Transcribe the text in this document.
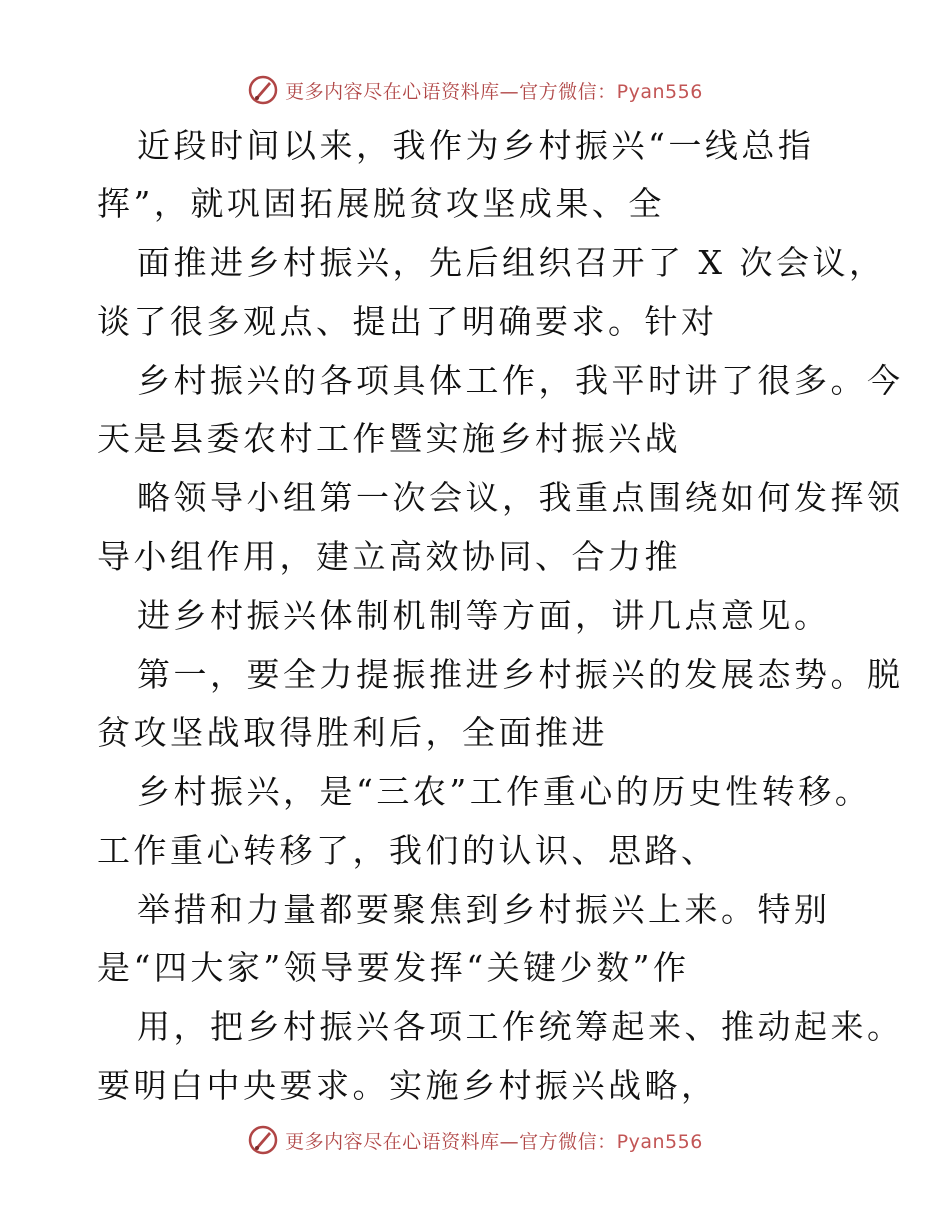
更多内容尽在心语资料库—官方微信：Pyan556
近段时间以来，我作为乡村振兴“一线总指
挥”，就巩固拓展脱贫攻坚成果、全
面推进乡村振兴，先后组织召开了 X 次会议，
谈了很多观点、提出了明确要求。针对
乡村振兴的各项具体工作，我平时讲了很多。今
天是县委农村工作暨实施乡村振兴战
略领导小组第一次会议，我重点围绕如何发挥领
导小组作用，建立高效协同、合力推
进乡村振兴体制机制等方面，讲几点意见。
第一，要全力提振推进乡村振兴的发展态势。脱
贫攻坚战取得胜利后，全面推进
乡村振兴，是“三农”工作重心的历史性转移。
工作重心转移了，我们的认识、思路、
举措和力量都要聚焦到乡村振兴上来。特别
是“四大家”领导要发挥“关键少数”作
用，把乡村振兴各项工作统筹起来、推动起来。
要明白中央要求。实施乡村振兴战略，
更多内容尽在心语资料库—官方微信：Pyan556
